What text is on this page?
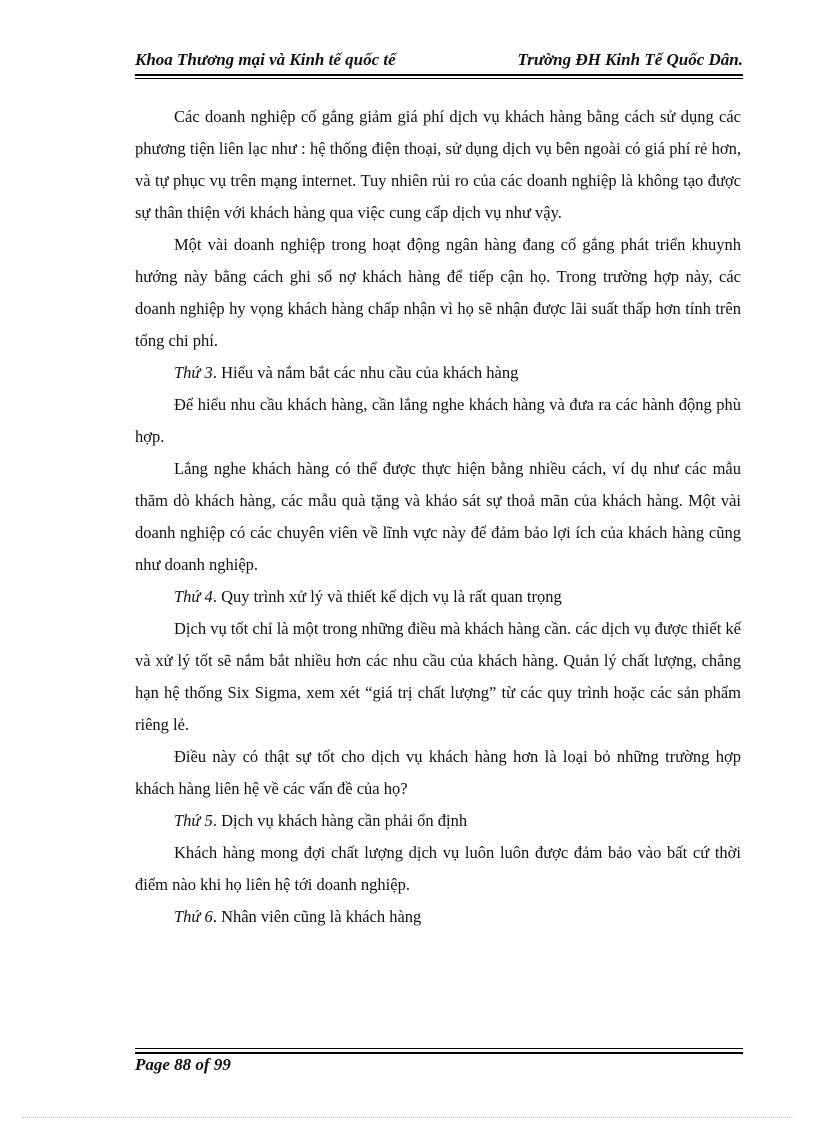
Khoa Thương mại và Kinh tế quốc tế	Trường ĐH Kinh Tế Quốc Dân.

Các doanh nghiệp cố gắng giảm giá phí dịch vụ khách hàng bằng cách sử dụng các phương tiện liên lạc như : hệ thống điện thoại, sử dụng dịch vụ bên ngoài có giá phí rẻ hơn, và tự phục vụ trên mạng internet. Tuy nhiên rủi ro của các doanh nghiệp là không tạo được sự thân thiện với khách hàng qua việc cung cấp dịch vụ như vậy.

Một vài doanh nghiệp trong hoạt động ngân hàng đang cố gắng phát triển khuynh hướng này bằng cách ghi sổ nợ khách hàng để tiếp cận họ. Trong trường hợp này, các doanh nghiệp hy vọng khách hàng chấp nhận vì họ sẽ nhận được lãi suất thấp hơn tính trên tổng chi phí.

Thứ 3. Hiểu và nắm bắt các nhu cầu của khách hàng

Để hiểu nhu cầu khách hàng, cần lắng nghe khách hàng và đưa ra các hành động phù hợp.

Lắng nghe khách hàng có thể được thực hiện bằng nhiều cách, ví dụ như các mẫu thăm dò khách hàng, các mẫu quà tặng và khảo sát sự thoả mãn của khách hàng. Một vài doanh nghiệp có các chuyên viên về lĩnh vực này để đảm bảo lợi ích của khách hàng cũng như doanh nghiệp.

Thứ 4. Quy trình xử lý và thiết kế dịch vụ là rất quan trọng

Dịch vụ tốt chỉ là một trong những điều mà khách hàng cần. các dịch vụ được thiết kế và xử lý tốt sẽ nắm bắt nhiều hơn các nhu cầu của khách hàng. Quản lý chất lượng, chẳng hạn hệ thống Six Sigma, xem xét “giá trị chất lượng” từ các quy trình hoặc các sản phẩm riêng lẻ.

Điều này có thật sự tốt cho dịch vụ khách hàng hơn là loại bỏ những trường hợp khách hàng liên hệ về các vấn đề của họ?

Thứ 5. Dịch vụ khách hàng cần phải ổn định

Khách hàng mong đợi chất lượng dịch vụ luôn luôn được đảm bảo vào bất cứ thời điểm nào khi họ liên hệ tới doanh nghiệp.

Thứ 6. Nhân viên cũng là khách hàng

Page 88 of 99
